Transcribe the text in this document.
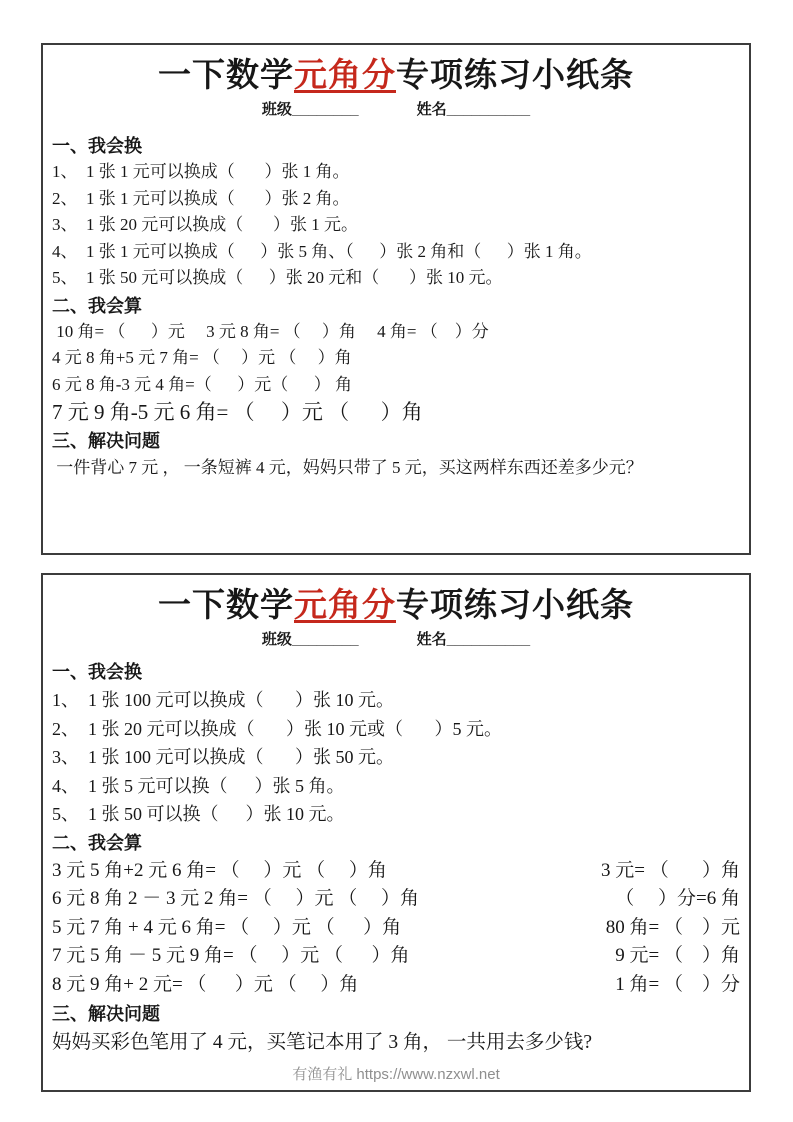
一下数学元角分专项练习小纸条
班级________	姓名__________
一、我会换
1、  1 张 1 元可以换成（       ）张 1 角。
2、  1 张 1 元可以换成（       ）张 2 角。
3、  1 张 20 元可以换成（       ）张 1 元。
4、  1 张 1 元可以换成（      ）张 5 角、（      ）张 2 角和（      ）张 1 角。
5、  1 张 50 元可以换成（      ）张 20 元和（       ）张 10 元。
二、我会算
10 角= （      ）元     3 元 8 角= （     ）角     4 角= （    ）分
4 元 8 角+5 元 7 角= （     ）元 （     ）角
6 元 8 角-3 元 4 角=（      ）元（      ） 角
7 元 9 角-5 元 6 角= （     ）元 （      ）角
三、解决问题
一件背心 7 元 ， 一条短裤 4 元，妈妈只带了 5 元，买这两样东西还差多少元？
一下数学元角分专项练习小纸条
班级________	姓名__________
一、我会换
1、  1 张 100 元可以换成（       ）张 10 元。
2、  1 张 20 元可以换成（       ）张 10 元或（       ）5 元。
3、  1 张 100 元可以换成（       ）张 50 元。
4、  1 张 5 元可以换（      ）张 5 角。
5、  1 张 50 可以换（      ）张 10 元。
二、我会算
3 元 5 角+2 元 6 角= （     ）元 （     ）角	3 元= （       ）角
6 元 8 角 2 － 3 元 2 角= （     ）元 （     ）角	（     ）分=6 角
5 元 7 角 + 4 元 6 角= （     ）元 （      ）角	80 角= （    ）元
7 元 5 角 － 5 元 9 角= （     ）元 （      ）角	9 元= （    ）角
8 元 9 角+ 2 元= （      ）元 （     ）角	1 角= （    ）分
三、解决问题
妈妈买彩色笔用了 4 元，买笔记本用了 3 角， 一共用去多少钱?
有渔有礼 https://www.nzxwl.net
